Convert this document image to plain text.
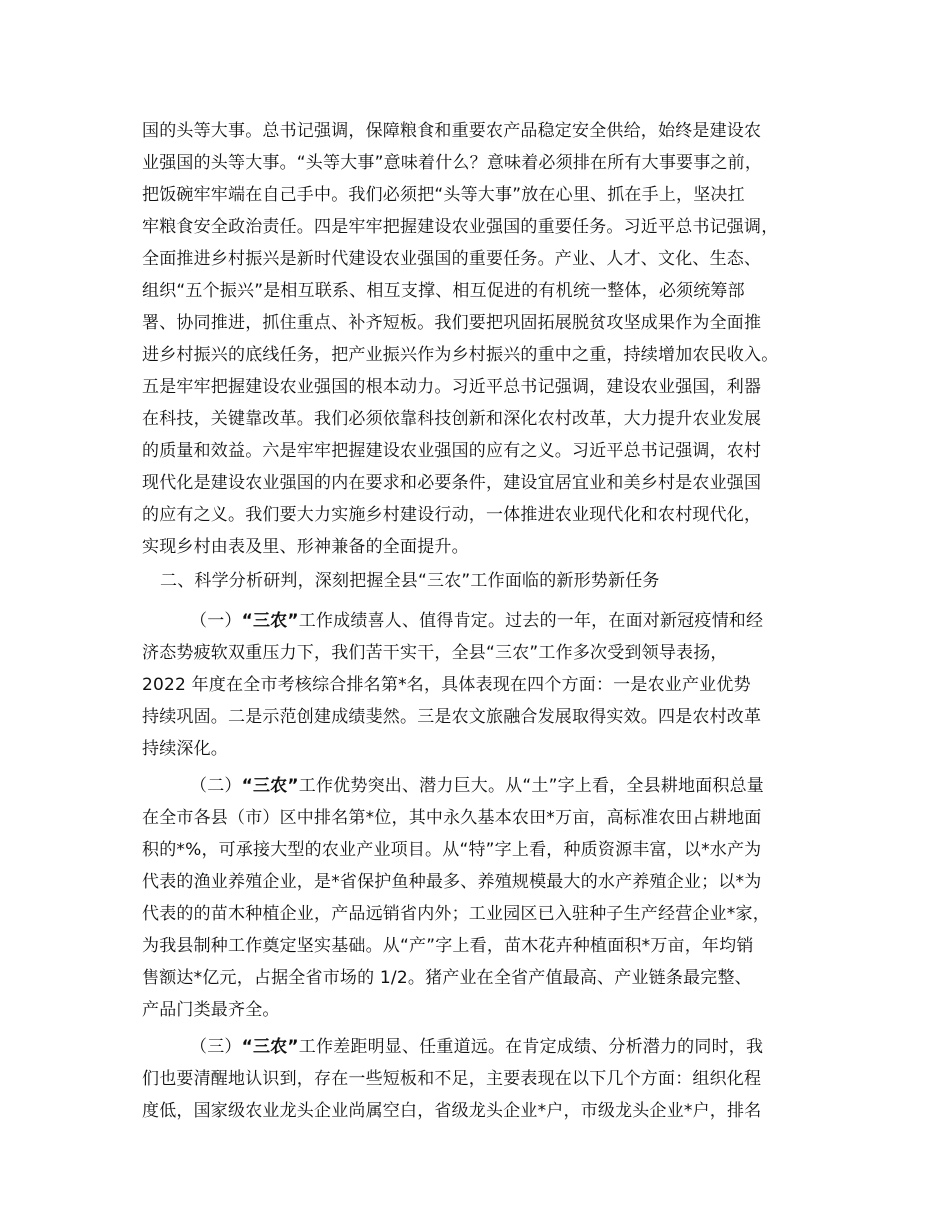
国的头等大事。总书记强调，保障粮食和重要农产品稳定安全供给，始终是建设农
业强国的头等大事。“头等大事”意味着什么？意味着必须排在所有大事要事之前，
把饭碗牢牢端在自己手中。我们必须把“头等大事”放在心里、抓在手上，坚决扛
牢粮食安全政治责任。四是牢牢把握建设农业强国的重要任务。习近平总书记强调，
全面推进乡村振兴是新时代建设农业强国的重要任务。产业、人才、文化、生态、
组织“五个振兴”是相互联系、相互支撑、相互促进的有机统一整体，必须统筹部
署、协同推进，抓住重点、补齐短板。我们要把巩固拓展脱贫攻坚成果作为全面推
进乡村振兴的底线任务，把产业振兴作为乡村振兴的重中之重，持续增加农民收入。
五是牢牢把握建设农业强国的根本动力。习近平总书记强调，建设农业强国，利器
在科技，关键靠改革。我们必须依靠科技创新和深化农村改革，大力提升农业发展
的质量和效益。六是牢牢把握建设农业强国的应有之义。习近平总书记强调，农村
现代化是建设农业强国的内在要求和必要条件，建设宜居宜业和美乡村是农业强国
的应有之义。我们要大力实施乡村建设行动，一体推进农业现代化和农村现代化，
实现乡村由表及里、形神兼备的全面提升。
二、科学分析研判，深刻把握全县“三农”工作面临的新形势新任务
（一）“三农”工作成绩喜人、值得肯定。过去的一年，在面对新冠疫情和经
济态势疲软双重压力下，我们苦干实干，全县“三农”工作多次受到领导表扬，
2022 年度在全市考核综合排名第*名，具体表现在四个方面：一是农业产业优势
持续巩固。二是示范创建成绩斐然。三是农文旅融合发展取得实效。四是农村改革
持续深化。
（二）“三农”工作优势突出、潜力巨大。从“土”字上看，全县耕地面积总量
在全市各县（市）区中排名第*位，其中永久基本农田*万亩，高标准农田占耕地面
积的*%，可承接大型的农业产业项目。从“特”字上看，种质资源丰富，以*水产为
代表的渔业养殖企业，是*省保护鱼种最多、养殖规模最大的水产养殖企业；以*为
代表的的苗木种植企业，产品远销省内外；工业园区已入驻种子生产经营企业*家，
为我县制种工作奠定坚实基础。从“产”字上看，苗木花卉种植面积*万亩，年均销
售额达*亿元，占据全省市场的 1/2。猪产业在全省产值最高、产业链条最完整、
产品门类最齐全。
（三）“三农”工作差距明显、任重道远。在肯定成绩、分析潜力的同时，我
们也要清醒地认识到，存在一些短板和不足，主要表现在以下几个方面：组织化程
度低，国家级农业龙头企业尚属空白，省级龙头企业*户，市级龙头企业*户，排名
